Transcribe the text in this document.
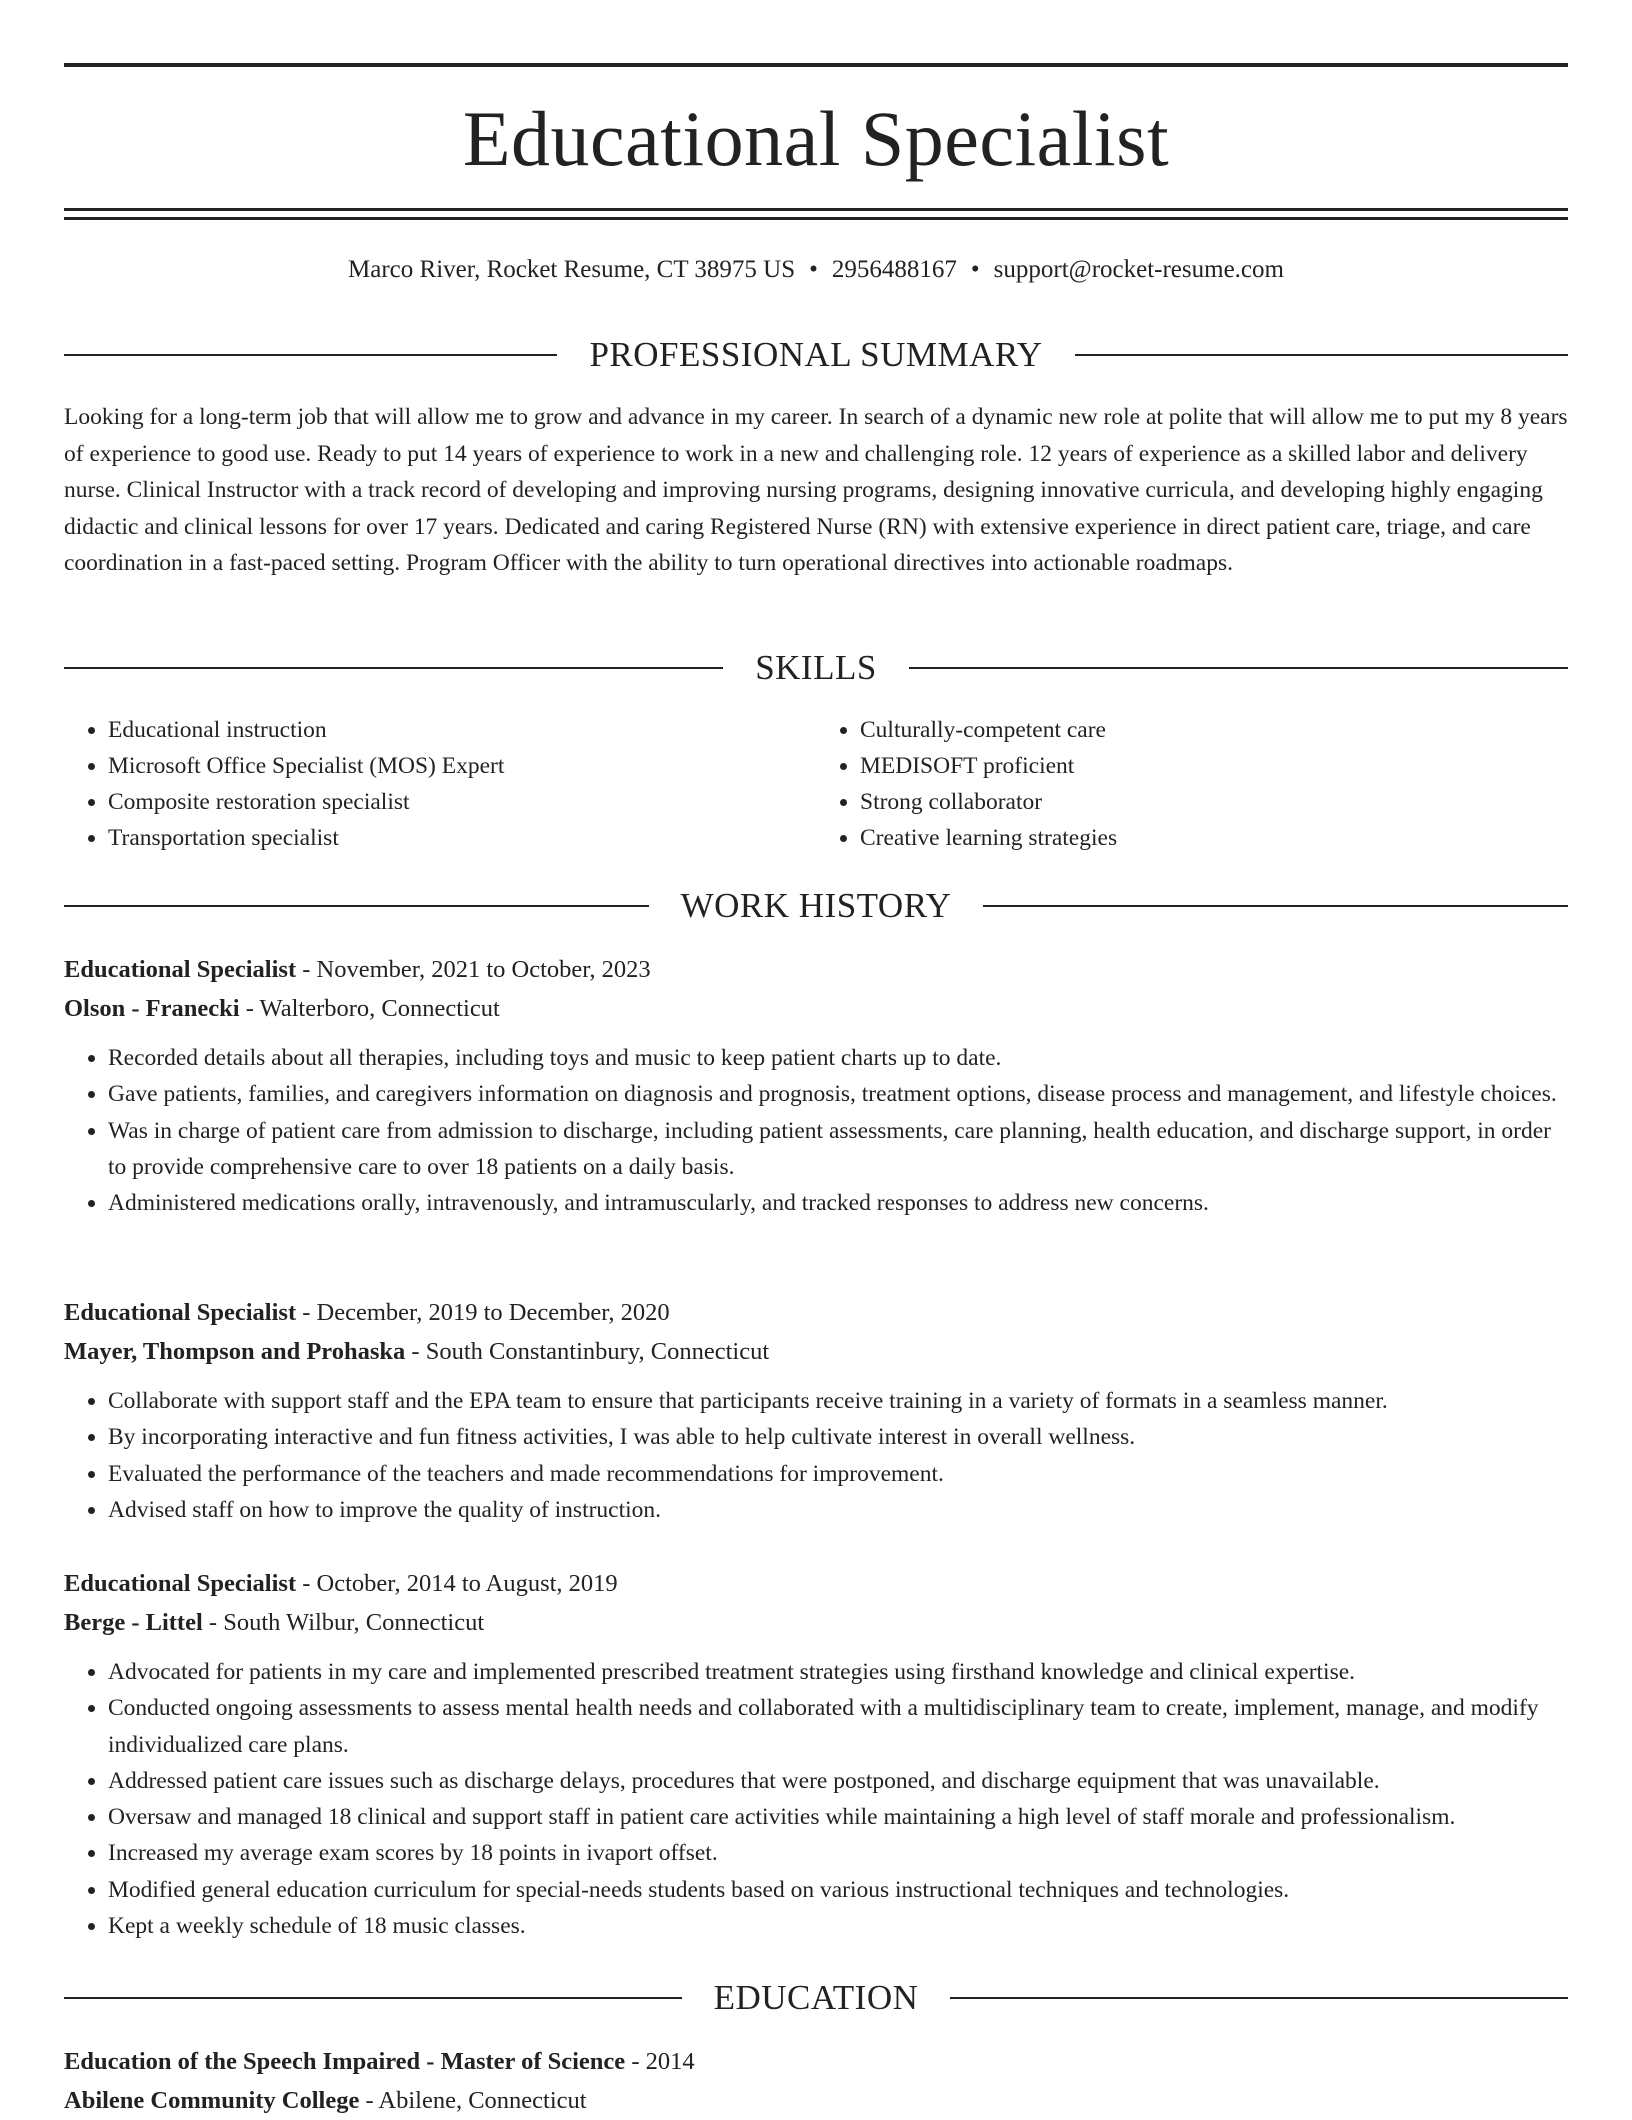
Educational Specialist
Marco River, Rocket Resume, CT 38975 US • 2956488167 • support@rocket-resume.com
PROFESSIONAL SUMMARY

Looking for a long-term job that will allow me to grow and advance in my career. In search of a dynamic new role at polite that will allow me to put my 8 years of experience to good use. Ready to put 14 years of experience to work in a new and challenging role. 12 years of experience as a skilled labor and delivery nurse. Clinical Instructor with a track record of developing and improving nursing programs, designing innovative curricula, and developing highly engaging didactic and clinical lessons for over 17 years. Dedicated and caring Registered Nurse (RN) with extensive experience in direct patient care, triage, and care coordination in a fast-paced setting. Program Officer with the ability to turn operational directives into actionable roadmaps.

SKILLS
• Educational instruction
• Microsoft Office Specialist (MOS) Expert
• Composite restoration specialist
• Transportation specialist
• Culturally-competent care
• MEDISOFT proficient
• Strong collaborator
• Creative learning strategies
WORK HISTORY
Educational Specialist - November, 2021 to October, 2023
Olson - Franecki - Walterboro, Connecticut
• Recorded details about all therapies, including toys and music to keep patient charts up to date.
• Gave patients, families, and caregivers information on diagnosis and prognosis, treatment options, disease process and management, and lifestyle choices.
• Was in charge of patient care from admission to discharge, including patient assessments, care planning, health education, and discharge support, in order to provide comprehensive care to over 18 patients on a daily basis.
• Administered medications orally, intravenously, and intramuscularly, and tracked responses to address new concerns.
Educational Specialist - December, 2019 to December, 2020
Mayer, Thompson and Prohaska - South Constantinbury, Connecticut
• Collaborate with support staff and the EPA team to ensure that participants receive training in a variety of formats in a seamless manner.
• By incorporating interactive and fun fitness activities, I was able to help cultivate interest in overall wellness.
• Evaluated the performance of the teachers and made recommendations for improvement.
• Advised staff on how to improve the quality of instruction.
Educational Specialist - October, 2014 to August, 2019
Berge - Littel - South Wilbur, Connecticut
• Advocated for patients in my care and implemented prescribed treatment strategies using firsthand knowledge and clinical expertise.
• Conducted ongoing assessments to assess mental health needs and collaborated with a multidisciplinary team to create, implement, manage, and modify individualized care plans.
• Addressed patient care issues such as discharge delays, procedures that were postponed, and discharge equipment that was unavailable.
• Oversaw and managed 18 clinical and support staff in patient care activities while maintaining a high level of staff morale and professionalism.
• Increased my average exam scores by 18 points in ivaport offset.
• Modified general education curriculum for special-needs students based on various instructional techniques and technologies.
• Kept a weekly schedule of 18 music classes.
EDUCATION
Education of the Speech Impaired - Master of Science - 2014
Abilene Community College - Abilene, Connecticut
